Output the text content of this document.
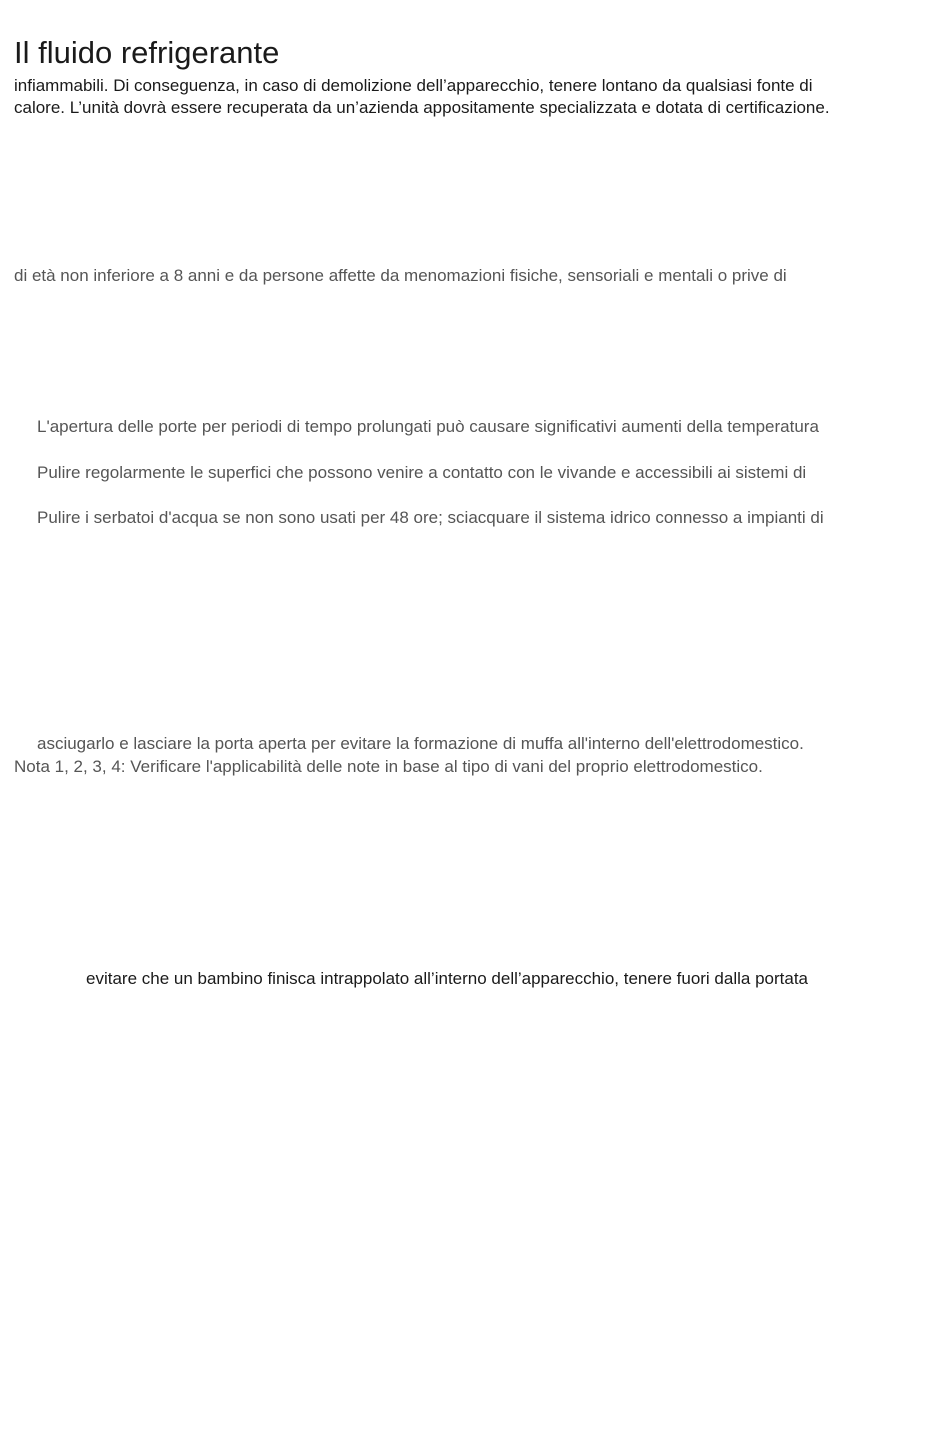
Il fluido refrigerante
infiammabili. Di conseguenza, in caso di demolizione dell’apparecchio, tenere lontano da qualsiasi fonte di
calore. L’unità dovrà essere recuperata da un’azienda appositamente specializzata e dotata di certificazione.
di età non inferiore a 8 anni e da persone affette da menomazioni fisiche, sensoriali e mentali o prive di
L'apertura delle porte per periodi di tempo prolungati può causare significativi aumenti della temperatura
Pulire regolarmente le superfici che possono venire a contatto con le vivande e accessibili ai sistemi di
Pulire i serbatoi d'acqua se non sono usati per 48 ore; sciacquare il sistema idrico connesso a impianti di
asciugarlo e lasciare la porta aperta per evitare la formazione di muffa all'interno dell'elettrodomestico.
Nota 1, 2, 3, 4: Verificare l'applicabilità delle note in base al tipo di vani del proprio elettrodomestico.
evitare che un bambino finisca intrappolato all’interno dell’apparecchio, tenere fuori dalla portata
